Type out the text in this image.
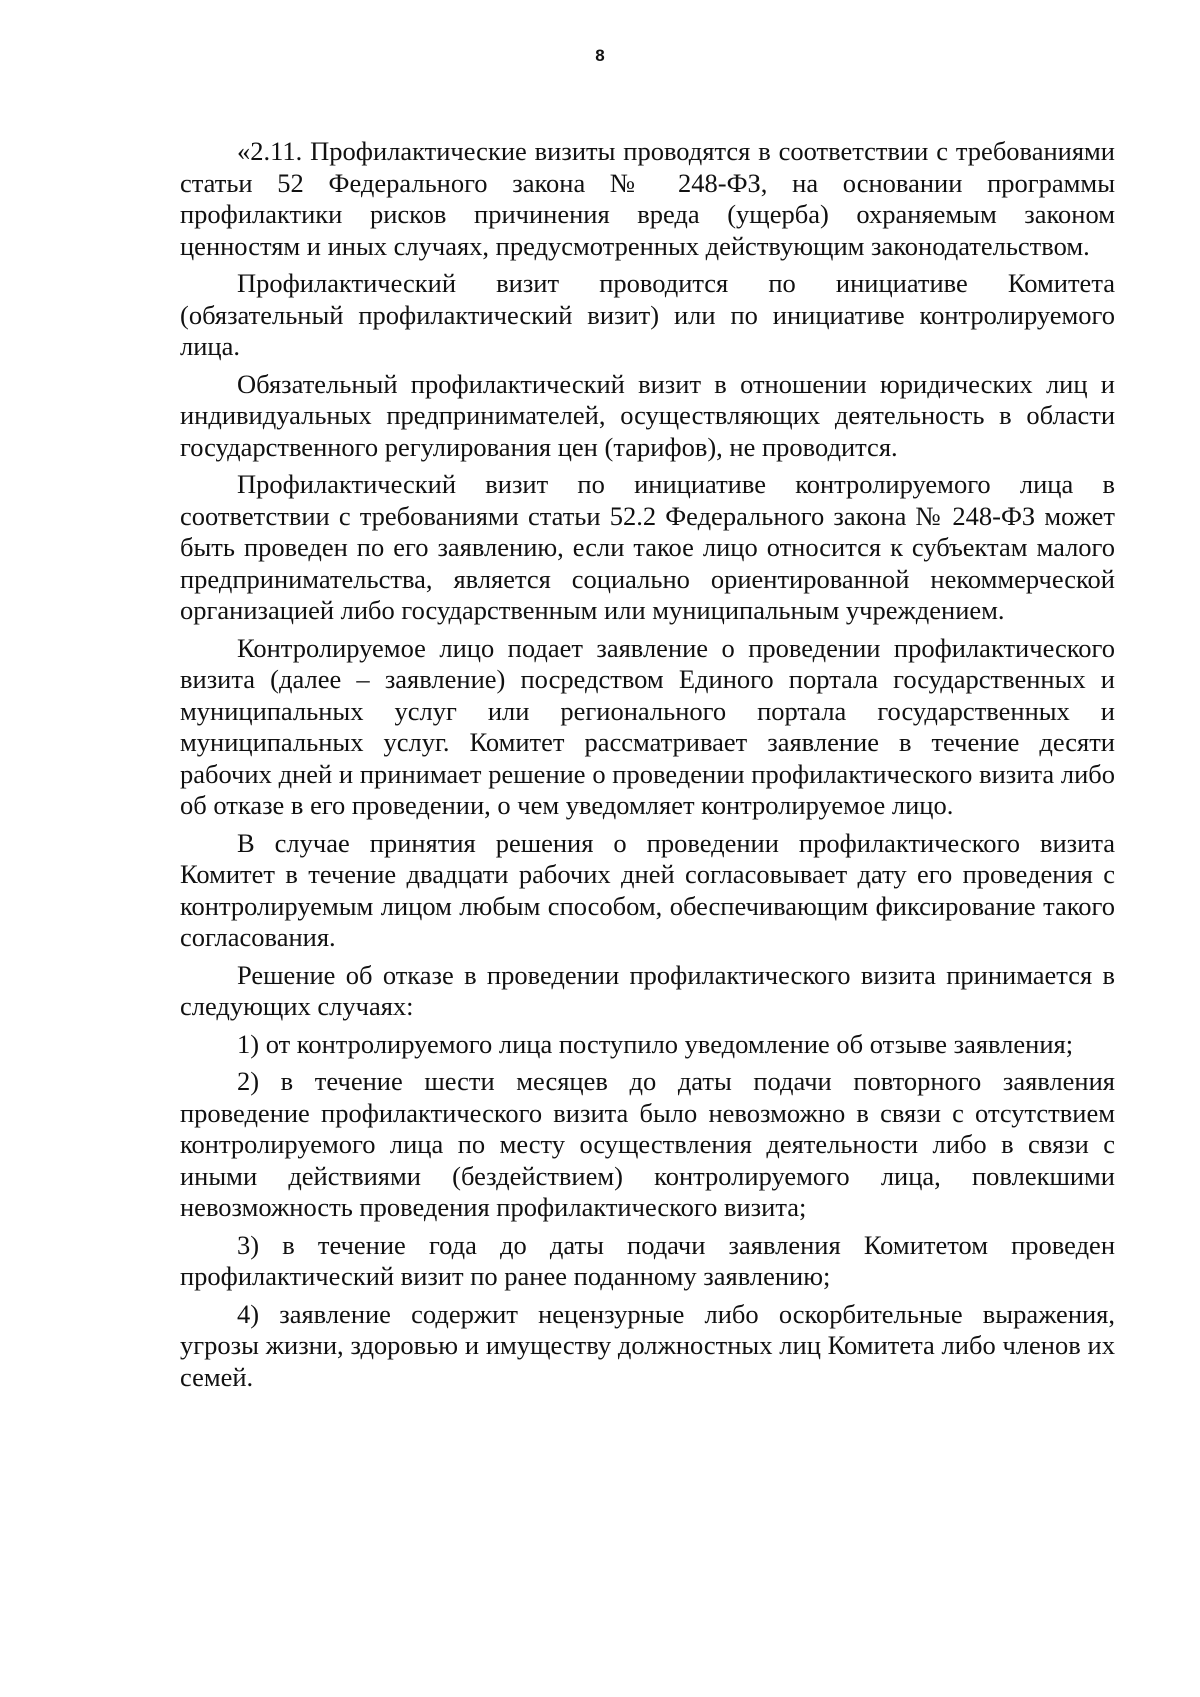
8

«2.11. Профилактические визиты проводятся в соответствии с требованиями статьи 52 Федерального закона № 248-ФЗ, на основании программы профилактики рисков причинения вреда (ущерба) охраняемым законом ценностям и иных случаях, предусмотренных действующим законодательством.

Профилактический визит проводится по инициативе Комитета (обязательный профилактический визит) или по инициативе контролируемого лица.

Обязательный профилактический визит в отношении юридических лиц и индивидуальных предпринимателей, осуществляющих деятельность в области государственного регулирования цен (тарифов), не проводится.

Профилактический визит по инициативе контролируемого лица в соответствии с требованиями статьи 52.2 Федерального закона № 248-ФЗ может быть проведен по его заявлению, если такое лицо относится к субъектам малого предпринимательства, является социально ориентированной некоммерческой организацией либо государственным или муниципальным учреждением.

Контролируемое лицо подает заявление о проведении профилактического визита (далее – заявление) посредством Единого портала государственных и муниципальных услуг или регионального портала государственных и муниципальных услуг. Комитет рассматривает заявление в течение десяти рабочих дней и принимает решение о проведении профилактического визита либо об отказе в его проведении, о чем уведомляет контролируемое лицо.

В случае принятия решения о проведении профилактического визита Комитет в течение двадцати рабочих дней согласовывает дату его проведения с контролируемым лицом любым способом, обеспечивающим фиксирование такого согласования.

Решение об отказе в проведении профилактического визита принимается в следующих случаях:

1) от контролируемого лица поступило уведомление об отзыве заявления;

2) в течение шести месяцев до даты подачи повторного заявления проведение профилактического визита было невозможно в связи с отсутствием контролируемого лица по месту осуществления деятельности либо в связи с иными действиями (бездействием) контролируемого лица, повлекшими невозможность проведения профилактического визита;

3) в течение года до даты подачи заявления Комитетом проведен профилактический визит по ранее поданному заявлению;

4) заявление содержит нецензурные либо оскорбительные выражения, угрозы жизни, здоровью и имуществу должностных лиц Комитета либо членов их семей.
